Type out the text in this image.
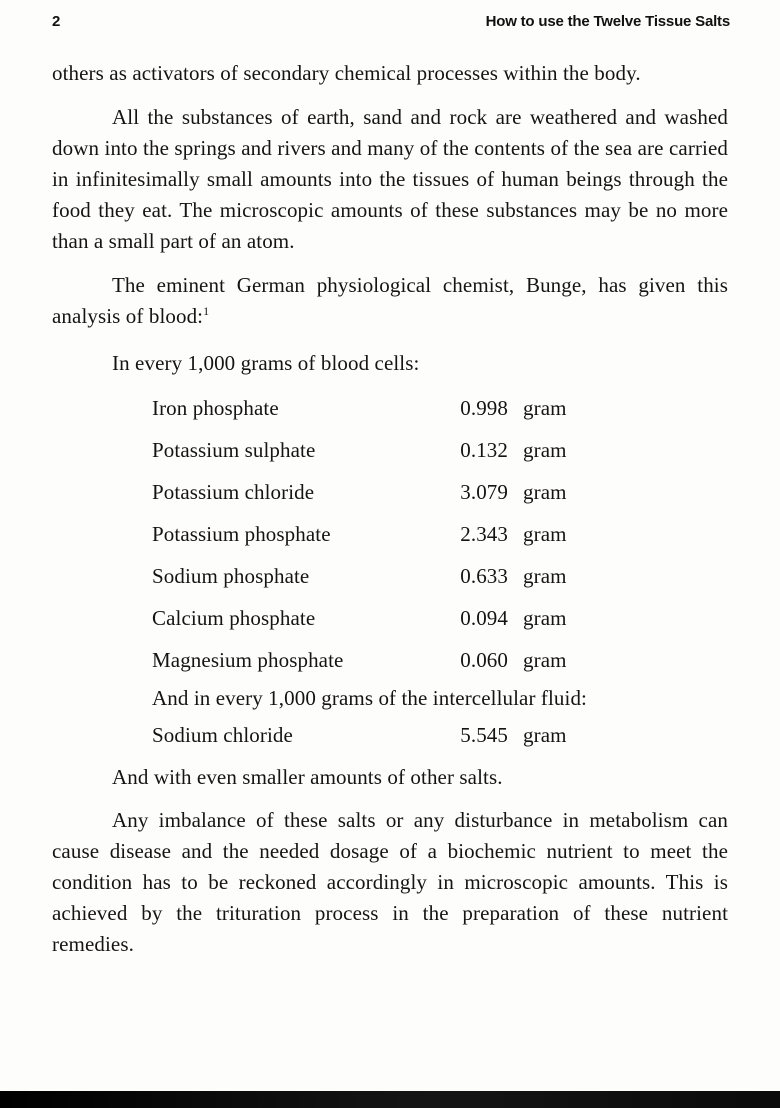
2	How to use the Twelve Tissue Salts

others as activators of secondary chemical processes within the body.

All the substances of earth, sand and rock are weathered and washed down into the springs and rivers and many of the contents of the sea are carried in infinitesimally small amounts into the tissues of human beings through the food they eat. The microscopic amounts of these substances may be no more than a small part of an atom.

The eminent German physiological chemist, Bunge, has given this analysis of blood:$^1$

In every 1,000 grams of blood cells:

Iron phosphate	0.998 gram
Potassium sulphate	0.132 gram
Potassium chloride	3.079 gram
Potassium phosphate	2.343 gram
Sodium phosphate	0.633 gram
Calcium phosphate	0.094 gram
Magnesium phosphate	0.060 gram

And in every 1,000 grams of the intercellular fluid:

Sodium chloride	5.545 gram

And with even smaller amounts of other salts.

Any imbalance of these salts or any disturbance in metabolism can cause disease and the needed dosage of a biochemic nutrient to meet the condition has to be reckoned accordingly in microscopic amounts. This is achieved by the trituration process in the preparation of these nutrient remedies.
